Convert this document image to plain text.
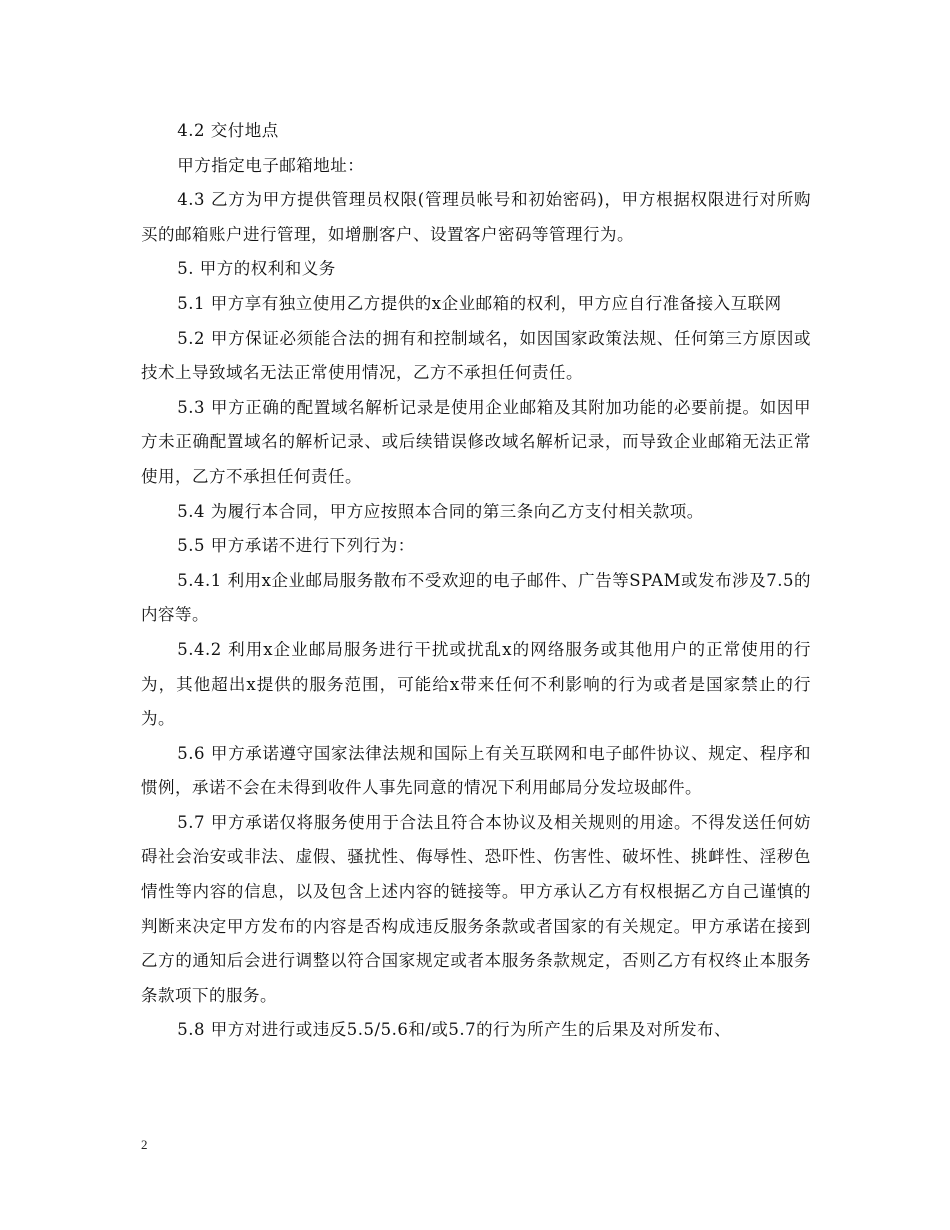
4.2 交付地点

甲方指定电子邮箱地址：

4.3 乙方为甲方提供管理员权限(管理员帐号和初始密码)，甲方根据权限进行对所购买的邮箱账户进行管理，如增删客户、设置客户密码等管理行为。

5. 甲方的权利和义务

5.1 甲方享有独立使用乙方提供的x企业邮箱的权利，甲方应自行准备接入互联网

5.2 甲方保证必须能合法的拥有和控制域名，如因国家政策法规、任何第三方原因或技术上导致域名无法正常使用情况，乙方不承担任何责任。

5.3 甲方正确的配置域名解析记录是使用企业邮箱及其附加功能的必要前提。如因甲方未正确配置域名的解析记录、或后续错误修改域名解析记录，而导致企业邮箱无法正常使用，乙方不承担任何责任。

5.4 为履行本合同，甲方应按照本合同的第三条向乙方支付相关款项。

5.5 甲方承诺不进行下列行为：

5.4.1 利用x企业邮局服务散布不受欢迎的电子邮件、广告等SPAM或发布涉及7.5的内容等。

5.4.2 利用x企业邮局服务进行干扰或扰乱x的网络服务或其他用户的正常使用的行为，其他超出x提供的服务范围，可能给x带来任何不利影响的行为或者是国家禁止的行为。

5.6 甲方承诺遵守国家法律法规和国际上有关互联网和电子邮件协议、规定、程序和惯例，承诺不会在未得到收件人事先同意的情况下利用邮局分发垃圾邮件。

5.7 甲方承诺仅将服务使用于合法且符合本协议及相关规则的用途。不得发送任何妨碍社会治安或非法、虚假、骚扰性、侮辱性、恐吓性、伤害性、破坏性、挑衅性、淫秽色情性等内容的信息，以及包含上述内容的链接等。甲方承认乙方有权根据乙方自己谨慎的判断来决定甲方发布的内容是否构成违反服务条款或者国家的有关规定。甲方承诺在接到乙方的通知后会进行调整以符合国家规定或者本服务条款规定，否则乙方有权终止本服务条款项下的服务。

5.8 甲方对进行或违反5.5/5.6和/或5.7的行为所产生的后果及对所发布、

2
